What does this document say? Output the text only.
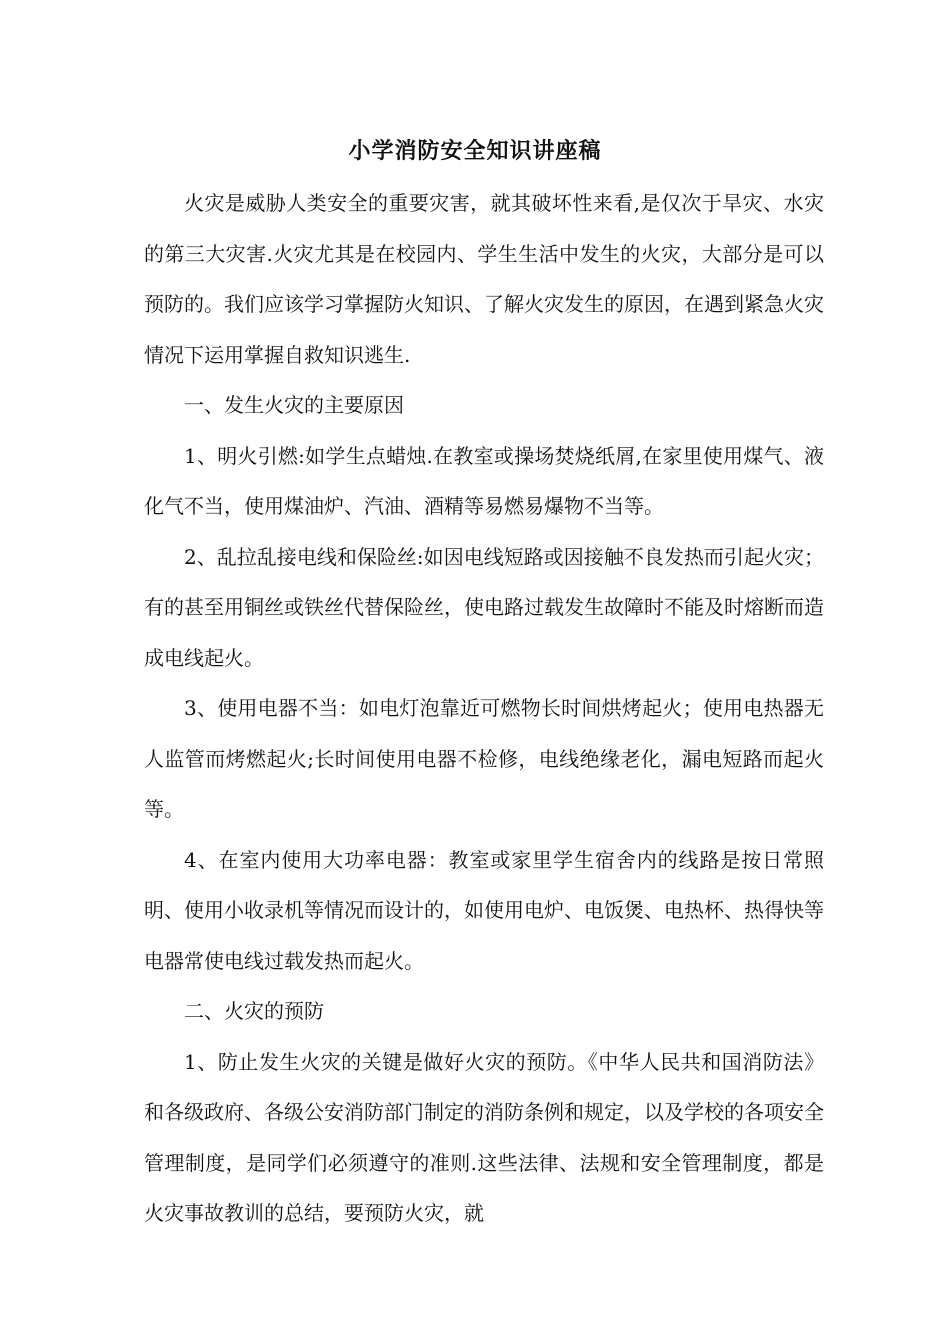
小学消防安全知识讲座稿

火灾是威胁人类安全的重要灾害，就其破坏性来看,是仅次于旱灾、水灾的第三大灾害.火灾尤其是在校园内、学生生活中发生的火灾，大部分是可以预防的。我们应该学习掌握防火知识、了解火灾发生的原因，在遇到紧急火灾情况下运用掌握自救知识逃生.

一、发生火灾的主要原因

1、明火引燃:如学生点蜡烛.在教室或操场焚烧纸屑,在家里使用煤气、液化气不当，使用煤油炉、汽油、酒精等易燃易爆物不当等。

2、乱拉乱接电线和保险丝:如因电线短路或因接触不良发热而引起火灾；有的甚至用铜丝或铁丝代替保险丝，使电路过载发生故障时不能及时熔断而造成电线起火。

3、使用电器不当：如电灯泡靠近可燃物长时间烘烤起火；使用电热器无人监管而烤燃起火;长时间使用电器不检修，电线绝缘老化，漏电短路而起火等。

4、在室内使用大功率电器：教室或家里学生宿舍内的线路是按日常照明、使用小收录机等情况而设计的，如使用电炉、电饭煲、电热杯、热得快等电器常使电线过载发热而起火。

二、火灾的预防

1、防止发生火灾的关键是做好火灾的预防。《中华人民共和国消防法》和各级政府、各级公安消防部门制定的消防条例和规定，以及学校的各项安全管理制度，是同学们必须遵守的准则.这些法律、法规和安全管理制度，都是火灾事故教训的总结，要预防火灾，就
